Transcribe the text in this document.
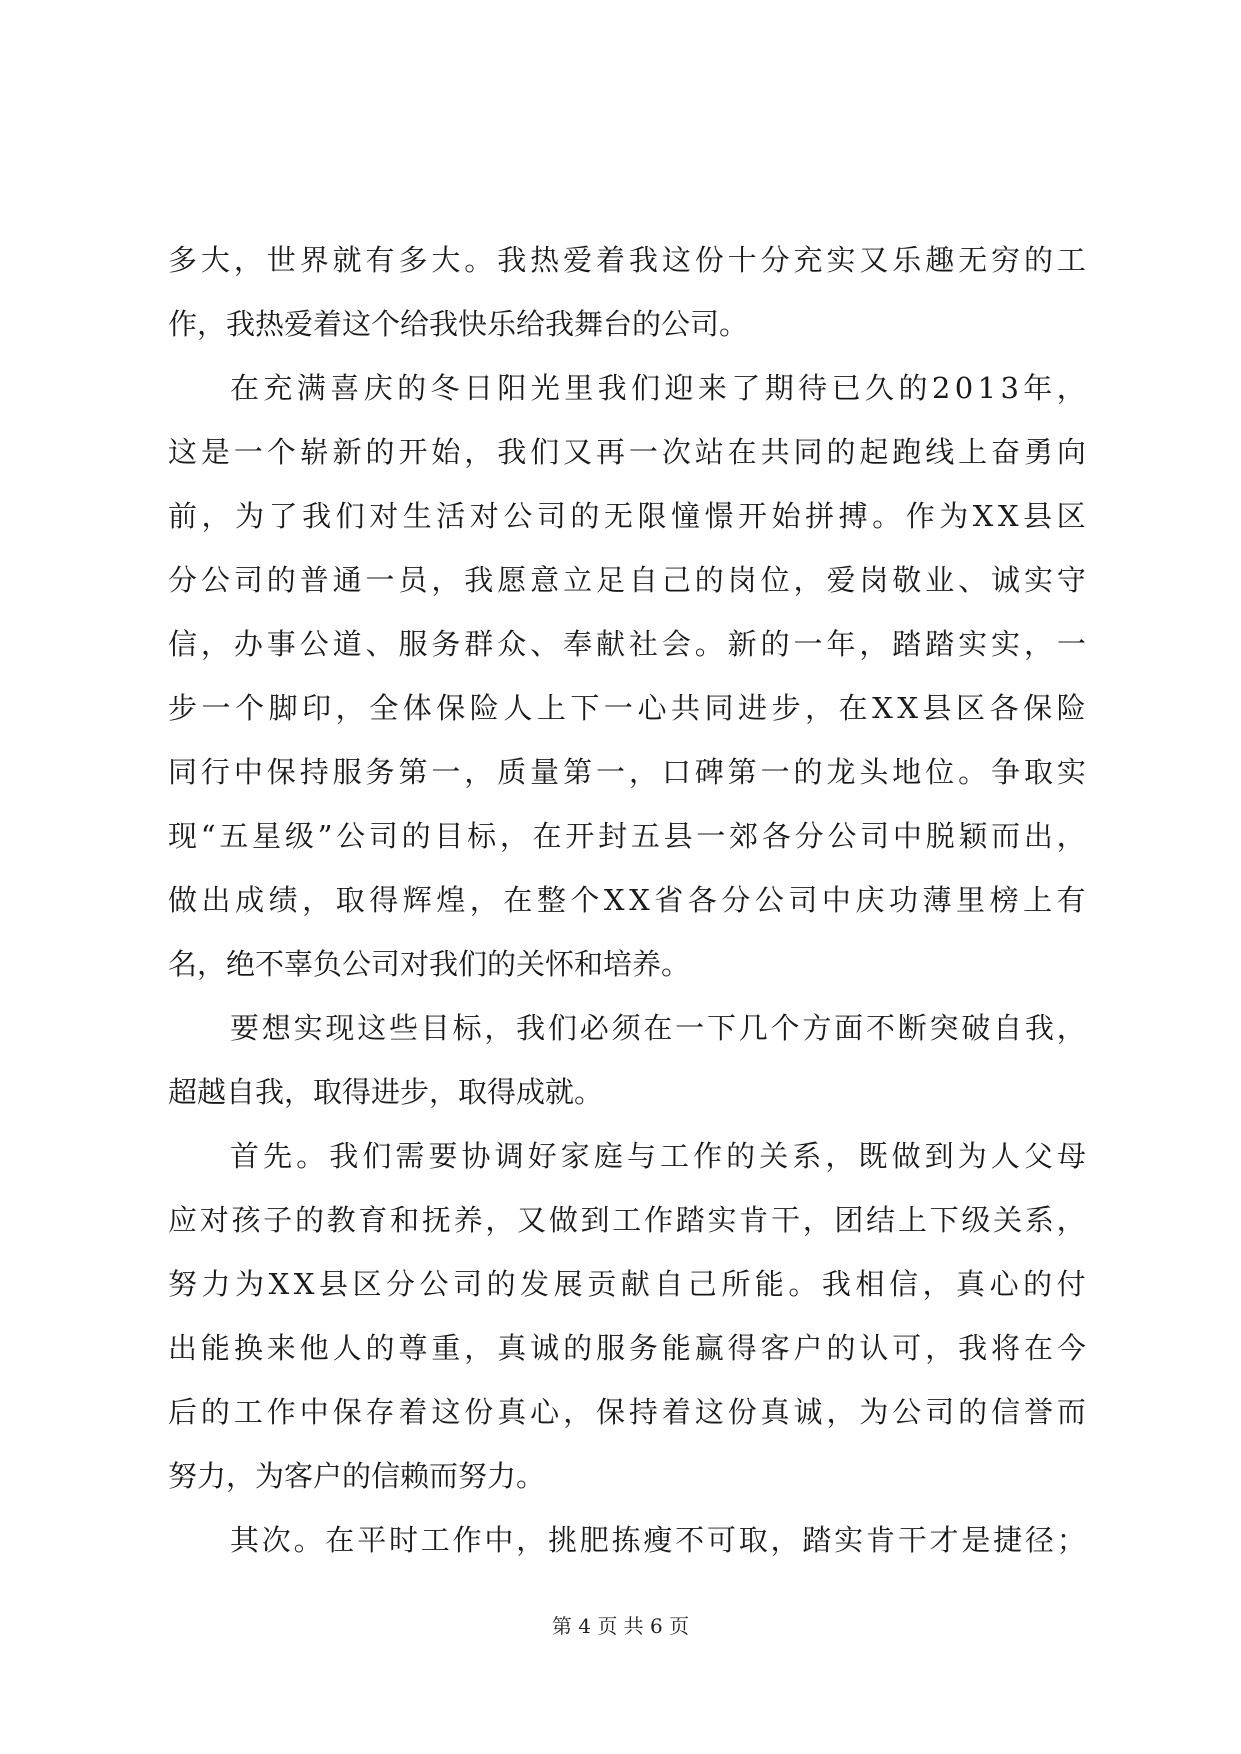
多 大 ， 世 界 就 有 多 大 。 我 热 爱 着 我 这 份 十 分 充 实 又 乐 趣 无 穷 的 工
作，我热爱着这个给我快乐给我舞台的公司。
在 充 满 喜 庆 的 冬 日 阳 光 里 我 们 迎 来 了 期 待 已 久 的 2 0 1 3 年 ，
这 是 一 个 崭 新 的 开 始 ， 我 们 又 再 一 次 站 在 共 同 的 起 跑 线 上 奋 勇 向
前 ， 为 了 我 们 对 生 活 对 公 司 的 无 限 憧 憬 开 始 拼 搏 。 作 为 X X 县 区
分 公 司 的 普 通 一 员 ， 我 愿 意 立 足 自 己 的 岗 位 ， 爱 岗 敬 业 、 诚 实 守
信 ， 办 事 公 道 、 服 务 群 众 、 奉 献 社 会 。 新 的 一 年 ， 踏 踏 实 实 ， 一
步 一 个 脚 印 ， 全 体 保 险 人 上 下 一 心 共 同 进 步 ， 在 X X 县 区 各 保 险
同 行 中 保 持 服 务 第 一 ， 质 量 第 一 ， 口 碑 第 一 的 龙 头 地 位 。 争 取 实
现 “ 五 星 级 ” 公 司 的 目 标 ， 在 开 封 五 县 一 郊 各 分 公 司 中 脱 颖 而 出 ，
做 出 成 绩 ， 取 得 辉 煌 ， 在 整 个 X X 省 各 分 公 司 中 庆 功 薄 里 榜 上 有
名，绝不辜负公司对我们的关怀和培养。
要 想 实 现 这 些 目 标 ， 我 们 必 须 在 一 下 几 个 方 面 不 断 突 破 自 我 ，
超越自我，取得进步，取得成就。
首 先 。 我 们 需 要 协 调 好 家 庭 与 工 作 的 关 系 ， 既 做 到 为 人 父 母
应 对 孩 子 的 教 育 和 抚 养 ， 又 做 到 工 作 踏 实 肯 干 ， 团 结 上 下 级 关 系 ，
努 力 为 X X 县 区 分 公 司 的 发 展 贡 献 自 己 所 能 。 我 相 信 ， 真 心 的 付
出 能 换 来 他 人 的 尊 重 ， 真 诚 的 服 务 能 赢 得 客 户 的 认 可 ， 我 将 在 今
后 的 工 作 中 保 存 着 这 份 真 心 ， 保 持 着 这 份 真 诚 ， 为 公 司 的 信 誉 而
努力，为客户的信赖而努力。
其 次 。 在 平 时 工 作 中 ， 挑 肥 拣 瘦 不 可 取 ， 踏 实 肯 干 才 是 捷 径 ；
第 4 页 共 6 页
